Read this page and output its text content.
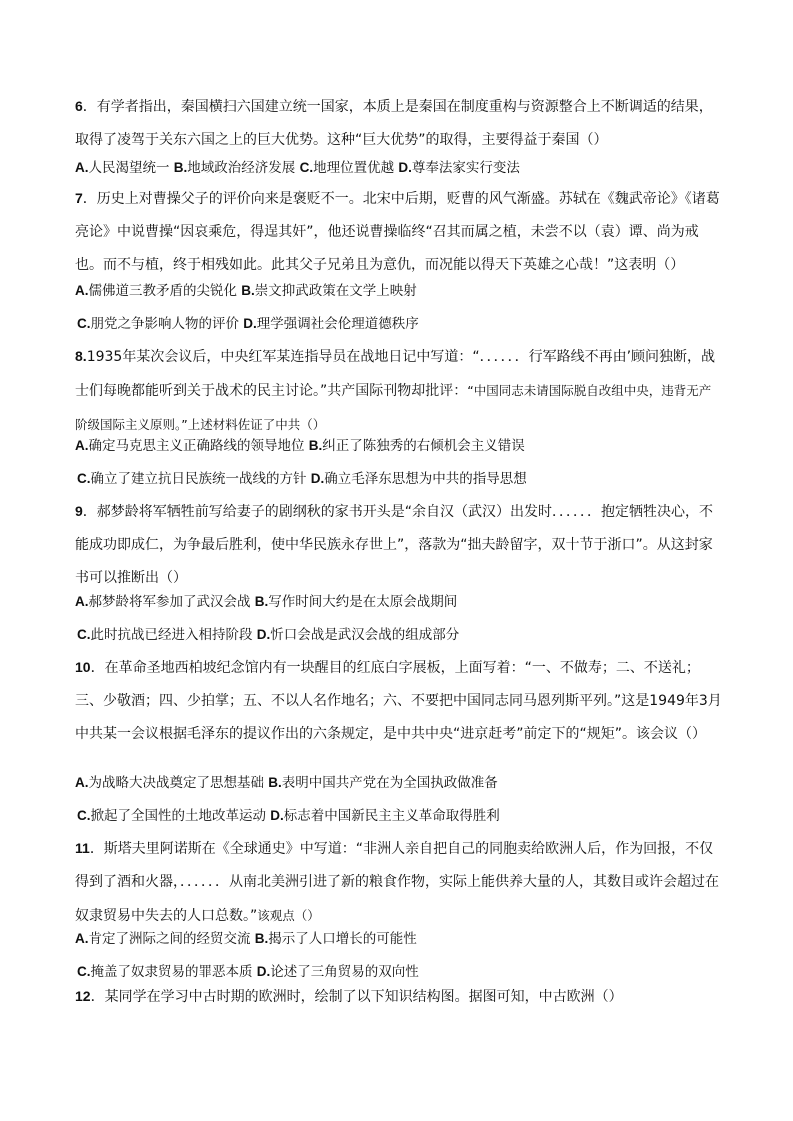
6．有学者指出，秦国横扫六国建立统一国家，本质上是秦国在制度重构与资源整合上不断调适的结果，取得了凌驾于关东六国之上的巨大优势。这种“巨大优势”的取得，主要得益于秦国（）

A.人民渴望统一 B.地域政治经济发展 C.地理位置优越 D.尊奉法家实行变法

7．历史上对曹操父子的评价向来是褒贬不一。北宋中后期，贬曹的风气渐盛。苏轼在《魏武帝论》《诸葛亮论》中说曹操“因哀乘危，得逞其奸”，他还说曹操临终“召其而属之植，未尝不以（袁）谭、尚为戒也。而不与植，终于相残如此。此其父子兄弟且为意仇，而况能以得天下英雄之心哉！”这表明（）

A.儒佛道三教矛盾的尖锐化 B.崇文抑武政策在文学上映射

C.朋党之争影响人物的评价 D.理学强调社会伦理道德秩序

8.1935年某次会议后，中央红军某连指导员在战地日记中写道：“．．．．．．行军路线不再由’顾问独断，战士们每晚都能听到关于战术的民主讨论。”共产国际刊物却批评：“中国同志未请国际脱自改组中央，违背无产阶级国际主义原则。”上述材料佐证了中共（）

A.确定马克思主义正确路线的领导地位 B.纠正了陈独秀的右倾机会主义错误

C.确立了建立抗日民族统一战线的方针 D.确立毛泽东思想为中共的指导思想

9．郝梦龄将军牺牲前写给妻子的剧纲秋的家书开头是“余自汉（武汉）出发时．．．．．．抱定牺牲决心，不能成功即成仁，为争最后胜利，使中华民族永存世上”，落款为“拙夫龄留字，双十节于浙口”。从这封家书可以推断出（）

A.郝梦龄将军参加了武汉会战 B.写作时间大约是在太原会战期间

C.此时抗战已经进入相持阶段 D.忻口会战是武汉会战的组成部分

10．在革命圣地西柏坡纪念馆内有一块醒目的红底白字展板，上面写着：“一、不做寿；二、不送礼；三、少敬酒；四、少拍掌；五、不以人名作地名；六、不要把中国同志同马恩列斯平列。”这是1949年3月中共某一会议根据毛泽东的提议作出的六条规定，是中共中央“进京赶考”前定下的“规矩”。该会议（）

A.为战略大决战奠定了思想基础 B.表明中国共产党在为全国执政做准备

C.掀起了全国性的土地改革运动 D.标志着中国新民主主义革命取得胜利

11．斯塔夫里阿诺斯在《全球通史》中写道：“非洲人亲自把自己的同胞卖给欧洲人后，作为回报，不仅得到了酒和火器，．．．．．．从南北美洲引进了新的粮食作物，实际上能供养大量的人，其数目或许会超过在奴隶贸易中失去的人口总数。”该观点（）

A.肯定了洲际之间的经贸交流 B.揭示了人口增长的可能性

C.掩盖了奴隶贸易的罪恶本质 D.论述了三角贸易的双向性

12．某同学在学习中古时期的欧洲时，绘制了以下知识结构图。据图可知，中古欧洲（）
